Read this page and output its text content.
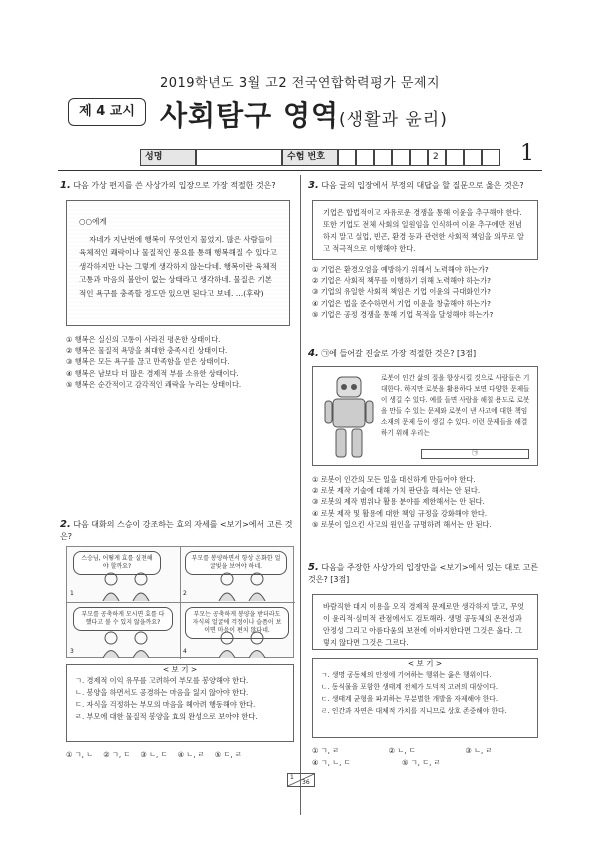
2019학년도 3월 고2 전국연합학력평가 문제지
제 4 교시 사회탐구 영역(생활과 윤리)
성명	수험 번호	2	1
1. 다음 가상 편지를 쓴 사상가의 입장으로 가장 적절한 것은?
○○에게
자네가 지난번에 행복이 무엇인지 물었지. 많은 사람들이 육체적인 쾌락이나 물질적인 풍요를 통해 행복해질 수 있다고 생각하지만 나는 그렇게 생각하지 않는다네. 행복이란 육체적 고통과 마음의 불안이 없는 상태라고 생각하네. 물질은 기본적인 욕구를 충족할 정도만 있으면 된다고 보네. …(후략)
① 행복은 실신의 고통이 사라진 평온한 상태이다.
② 행복은 물질적 욕망을 최대한 충족시킨 상태이다.
③ 행복은 모든 욕구를 끊고 만족함을 얻은 상태이다.
④ 행복은 남보다 더 많은 경제적 부를 소유한 상태이다.
⑤ 행복은 순간적이고 감각적인 쾌락을 누리는 상태이다.
2. 다음 대화의 스승이 강조하는 효의 자세를 <보기>에서 고른 것은?
스승님, 어떻게 효를 실천해야 할까요?
부모를 봉양하면서 항상 온화한 얼굴빛을 보여야 하네.
부모를 공축하게 모시면 효를 다했다고 볼 수 있지 않을까요?
부모는 공축하게 봉양을 받더라도 자식의 얼굴에 걱정이나 슬픔이 보이면 마음이 편치 않다네.
1	2
3	4
< 보 기 >
ㄱ. 경제적 이익 유무를 고려하여 부모를 봉양해야 한다.
ㄴ. 봉양을 하면서도 공경하는 마음을 잃지 않아야 한다.
ㄷ. 자식을 걱정하는 부모의 마음을 헤아려 행동해야 한다.
ㄹ. 부모에 대한 물질적 봉양을 효의 완성으로 보아야 한다.
① ㄱ, ㄴ ② ㄱ, ㄷ ③ ㄴ, ㄷ ④ ㄴ, ㄹ ⑤ ㄷ, ㄹ
3. 다음 글의 입장에서 부정의 대답을 할 질문으로 옳은 것은?
기업은 합법적이고 자유로운 경쟁을 통해 이윤을 추구해야 한다. 또한 기업도 전체 사회의 일원임을 인식하여 이윤 추구에만 전념하지 말고 실업, 빈곤, 환경 등과 관련한 사회적 책임을 의무로 알고 적극적으로 이행해야 한다.
① 기업은 환경오염을 예방하기 위해서 노력해야 하는가?
② 기업은 사회적 책무를 이행하기 위해 노력해야 하는가?
③ 기업의 유일한 사회적 책임은 기업 이윤의 극대화인가?
④ 기업은 법을 준수하면서 기업 이윤을 창출해야 하는가?
⑤ 기업은 공정 경쟁을 통해 기업 목적을 달성해야 하는가?
4. ㉠에 들어갈 진술로 가장 적절한 것은? [3점]
로봇이 인간 삶의 질을 향상시킬 것으로 사람들은 기대한다. 하지만 로봇을 활용하다 보면 다양한 문제들이 생길 수 있다. 예를 들면 사람을 해칠 용도로 로봇을 만들 수 있는 문제와 로봇이 낸 사고에 대한 책임 소재의 문제 등이 생길 수 있다. 이런 문제들을 해결하기 위해 우리는
㉠
① 로봇이 인간의 모든 일을 대신하게 만들어야 한다.
② 로봇 제작 기술에 대해 가치 판단을 해서는 안 된다.
③ 로봇의 제작 범위나 활용 분야를 제한해서는 안 된다.
④ 로봇 제작 및 활용에 대한 책임 규정을 강화해야 한다.
⑤ 로봇이 일으킨 사고의 원인을 규명하려 해서는 안 된다.
5. 다음을 주장한 사상가의 입장만을 <보기>에서 있는 대로 고른 것은? [3점]
바람직한 대지 이용을 오직 경제적 문제로만 생각하지 말고, 무엇이 윤리적·심미적 관점에서도 검토해라. 생명 공동체의 온전성과 안정성 그리고 아름다움의 보전에 이바지한다면 그것은 옳다. 그렇지 않다면 그것은 그르다.
< 보 기 >
ㄱ. 생명 공동체의 안정에 기여하는 행위는 옳은 행위이다.
ㄴ. 동식물을 포함한 생태계 전체가 도덕적 고려의 대상이다.
ㄷ. 생태계 균형을 파괴하는 무분별한 개발을 자제해야 한다.
ㄹ. 인간과 자연은 대체적 가치를 지니므로 상호 존중해야 한다.
① ㄱ, ㄹ	② ㄴ, ㄷ	③ ㄴ, ㄹ
④ ㄱ, ㄴ, ㄷ	⑤ ㄱ, ㄷ, ㄹ
1
36
